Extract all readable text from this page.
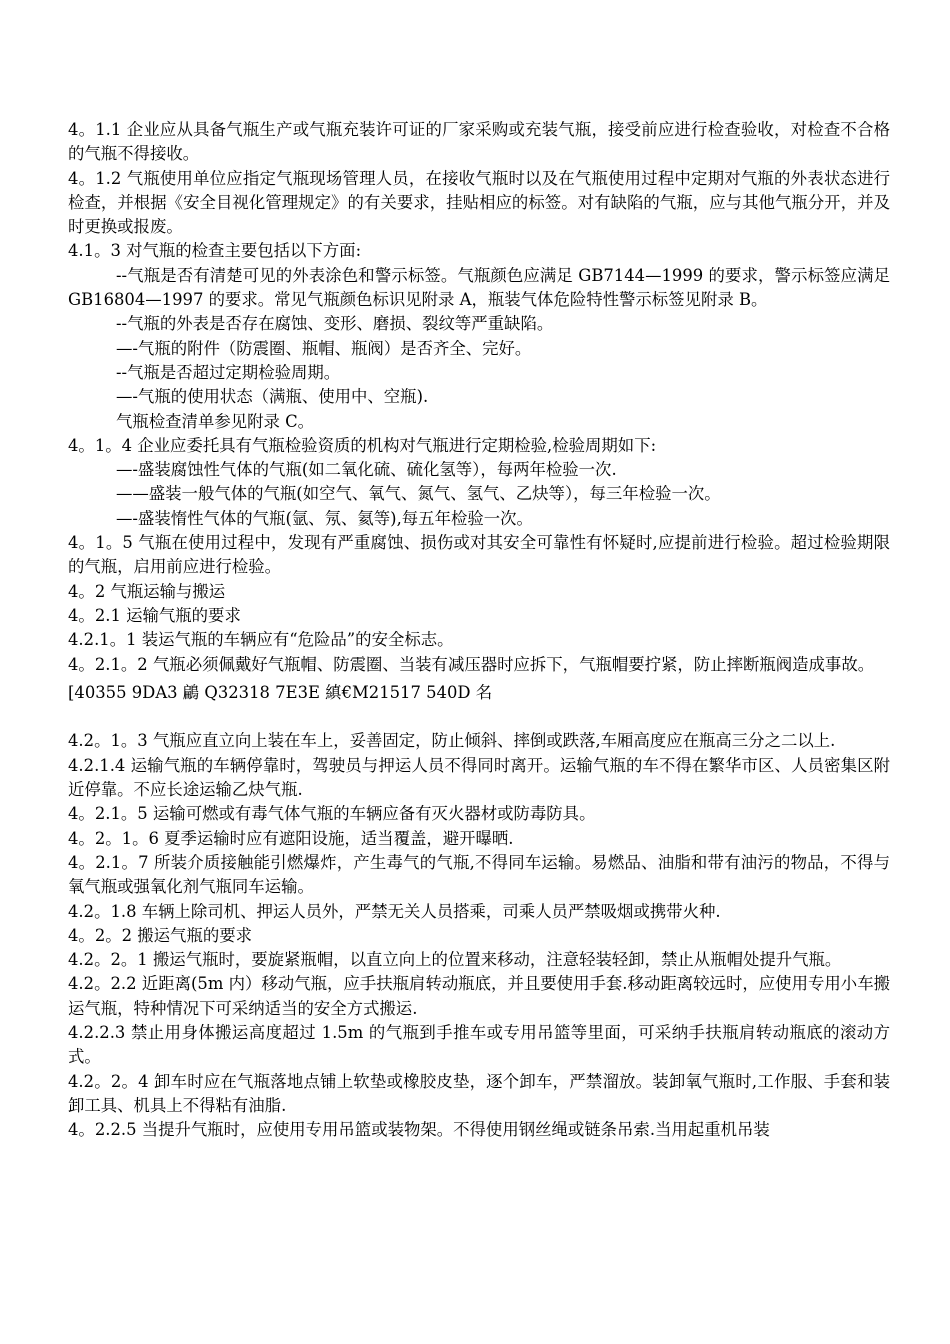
4。1.1 企业应从具备气瓶生产或气瓶充装许可证的厂家采购或充装气瓶，接受前应进行检查验收，对检查不合格的气瓶不得接收。

4。1.2 气瓶使用单位应指定气瓶现场管理人员，在接收气瓶时以及在气瓶使用过程中定期对气瓶的外表状态进行检查，并根据《安全目视化管理规定》的有关要求，挂贴相应的标签。对有缺陷的气瓶，应与其他气瓶分开，并及时更换或报废。

4.1。3 对气瓶的检查主要包括以下方面:

--气瓶是否有清楚可见的外表涂色和警示标签。气瓶颜色应满足 GB7144—1999 的要求，警示标签应满足 GB16804—1997 的要求。常见气瓶颜色标识见附录 A，瓶装气体危险特性警示标签见附录 B。

--气瓶的外表是否存在腐蚀、变形、磨损、裂纹等严重缺陷。

—-气瓶的附件（防震圈、瓶帽、瓶阀）是否齐全、完好。

--气瓶是否超过定期检验周期。

—-气瓶的使用状态（满瓶、使用中、空瓶).

气瓶检查清单参见附录 C。

4。1。4 企业应委托具有气瓶检验资质的机构对气瓶进行定期检验,检验周期如下:

—-盛装腐蚀性气体的气瓶(如二氧化硫、硫化氢等），每两年检验一次.

——盛装一般气体的气瓶(如空气、氧气、氮气、氢气、乙炔等），每三年检验一次。

—-盛装惰性气体的气瓶(氩、氖、氦等),每五年检验一次。

4。1。5 气瓶在使用过程中，发现有严重腐蚀、损伤或对其安全可靠性有怀疑时,应提前进行检验。超过检验期限的气瓶，启用前应进行检验。

4。2 气瓶运输与搬运

4。2.1 运输气瓶的要求

4.2.1。1 装运气瓶的车辆应有“危险品”的安全标志。

4。2.1。2 气瓶必须佩戴好气瓶帽、防震圈、当装有减压器时应拆下，气瓶帽要拧紧，防止摔断瓶阀造成事故。

[40355 9DA3 鶣 Q32318 7E3E 縝€M21517 540D 名

4.2。1。3 气瓶应直立向上装在车上，妥善固定，防止倾斜、摔倒或跌落,车厢高度应在瓶高三分之二以上.

4.2.1.4 运输气瓶的车辆停靠时，驾驶员与押运人员不得同时离开。运输气瓶的车不得在繁华市区、人员密集区附近停靠。不应长途运输乙炔气瓶.

4。2.1。5 运输可燃或有毒气体气瓶的车辆应备有灭火器材或防毒防具。

4。2。1。6 夏季运输时应有遮阳设施，适当覆盖，避开曝晒.

4。2.1。7 所装介质接触能引燃爆炸，产生毒气的气瓶,不得同车运输。易燃品、油脂和带有油污的物品，不得与氧气瓶或强氧化剂气瓶同车运输。

4.2。1.8 车辆上除司机、押运人员外，严禁无关人员搭乘，司乘人员严禁吸烟或携带火种.

4。2。2 搬运气瓶的要求

4.2。2。1 搬运气瓶时，要旋紧瓶帽，以直立向上的位置来移动，注意轻装轻卸，禁止从瓶帽处提升气瓶。

4.2。2.2 近距离(5m 内）移动气瓶，应手扶瓶肩转动瓶底，并且要使用手套.移动距离较远时，应使用专用小车搬运气瓶，特种情况下可采纳适当的安全方式搬运.

4.2.2.3 禁止用身体搬运高度超过 1.5m 的气瓶到手推车或专用吊篮等里面，可采纳手扶瓶肩转动瓶底的滚动方式。

4.2。2。4 卸车时应在气瓶落地点铺上软垫或橡胶皮垫，逐个卸车，严禁溜放。装卸氧气瓶时,工作服、手套和装卸工具、机具上不得粘有油脂.

4。2.2.5 当提升气瓶时，应使用专用吊篮或装物架。不得使用钢丝绳或链条吊索.当用起重机吊装
